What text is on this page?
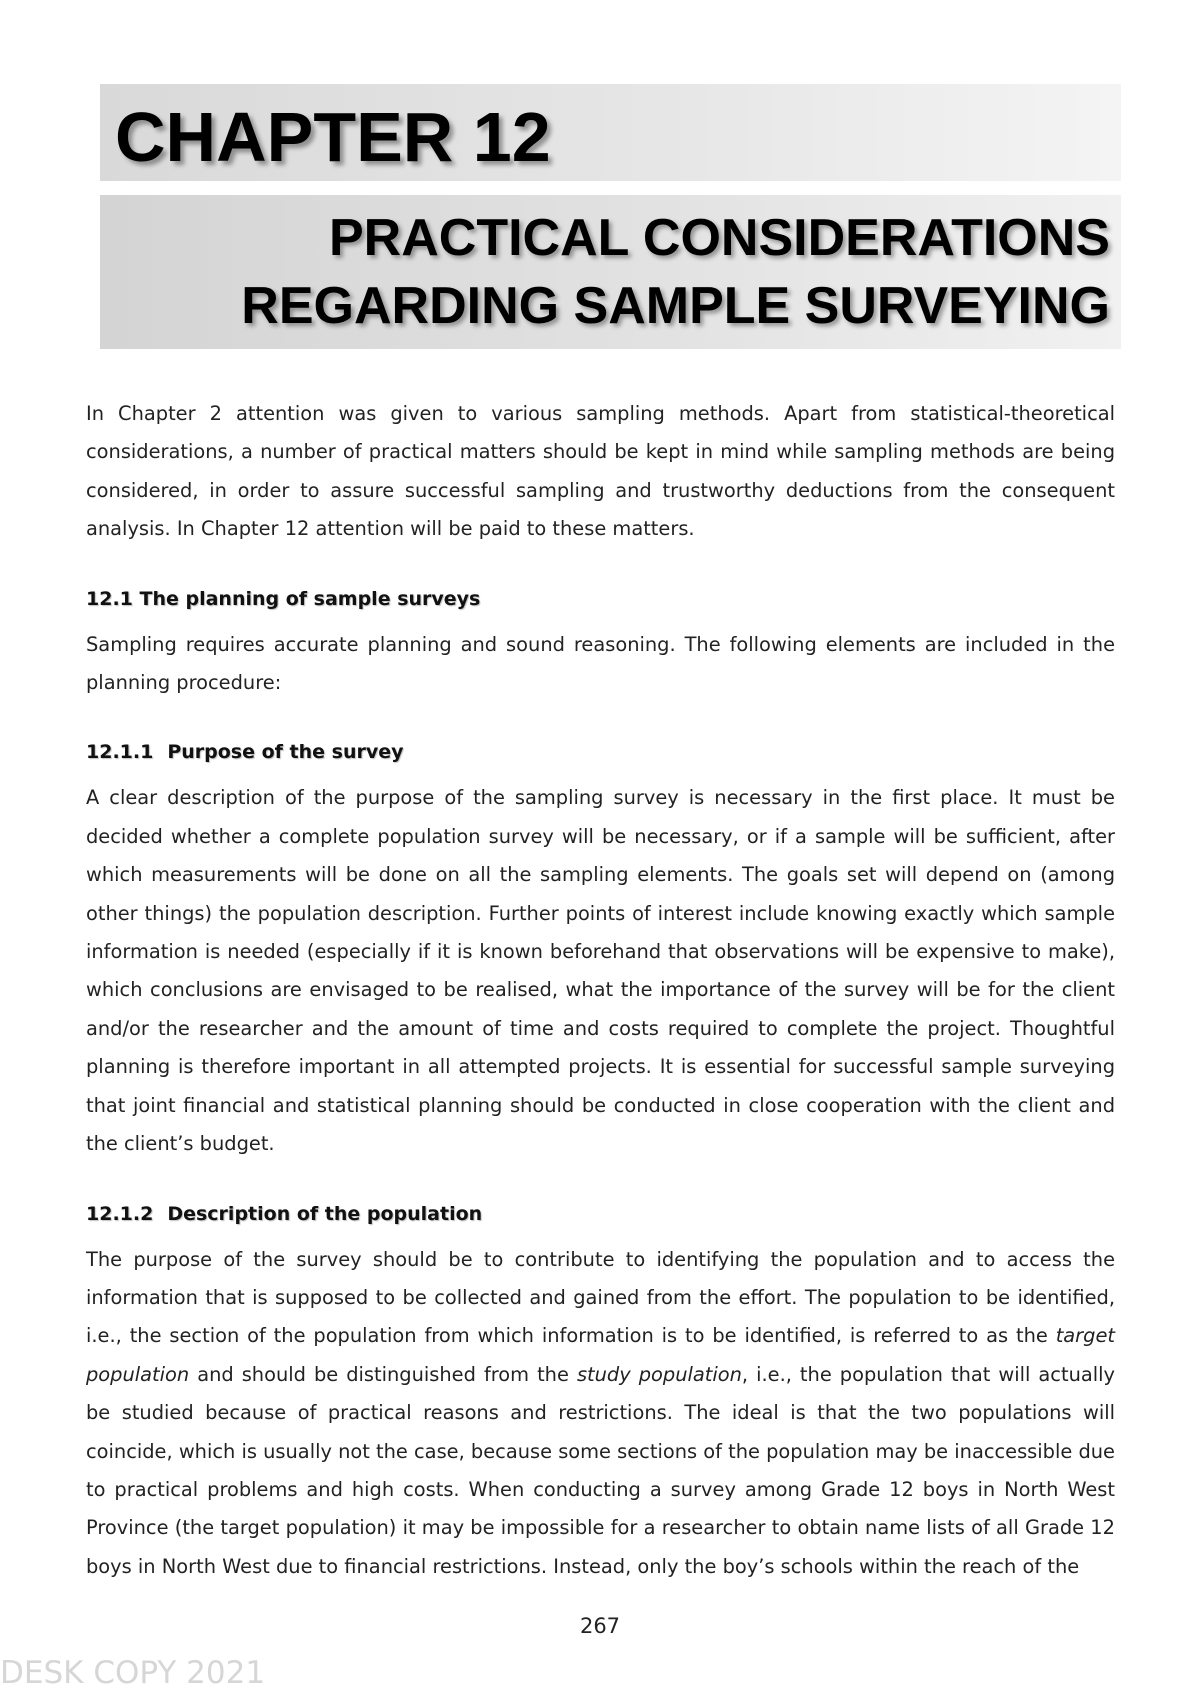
CHAPTER 12
PRACTICAL CONSIDERATIONS
REGARDING SAMPLE SURVEYING

In Chapter 2 attention was given to various sampling methods. Apart from statistical-theoretical considerations, a number of practical matters should be kept in mind while sampling methods are being considered, in order to assure successful sampling and trustworthy deductions from the consequent analysis. In Chapter 12 attention will be paid to these matters.

12.1 The planning of sample surveys

Sampling requires accurate planning and sound reasoning. The following elements are included in the planning procedure:

12.1.1 Purpose of the survey

A clear description of the purpose of the sampling survey is necessary in the first place. It must be decided whether a complete population survey will be necessary, or if a sample will be sufficient, after which measurements will be done on all the sampling elements. The goals set will depend on (among other things) the population description. Further points of interest include knowing exactly which sample information is needed (especially if it is known beforehand that observations will be expensive to make), which conclusions are envisaged to be realised, what the importance of the survey will be for the client and/or the researcher and the amount of time and costs required to complete the project. Thoughtful planning is therefore important in all attempted projects. It is essential for successful sample surveying that joint financial and statistical planning should be conducted in close cooperation with the client and the client’s budget.

12.1.2 Description of the population

The purpose of the survey should be to contribute to identifying the population and to access the information that is supposed to be collected and gained from the effort. The population to be identified, i.e., the section of the population from which information is to be identified, is referred to as the target population and should be distinguished from the study population, i.e., the population that will actually be studied because of practical reasons and restrictions. The ideal is that the two populations will coincide, which is usually not the case, because some sections of the population may be inaccessible due to practical problems and high costs. When conducting a survey among Grade 12 boys in North West Province (the target population) it may be impossible for a researcher to obtain name lists of all Grade 12 boys in North West due to financial restrictions. Instead, only the boy’s schools within the reach of the

267
DESK COPY 2021
